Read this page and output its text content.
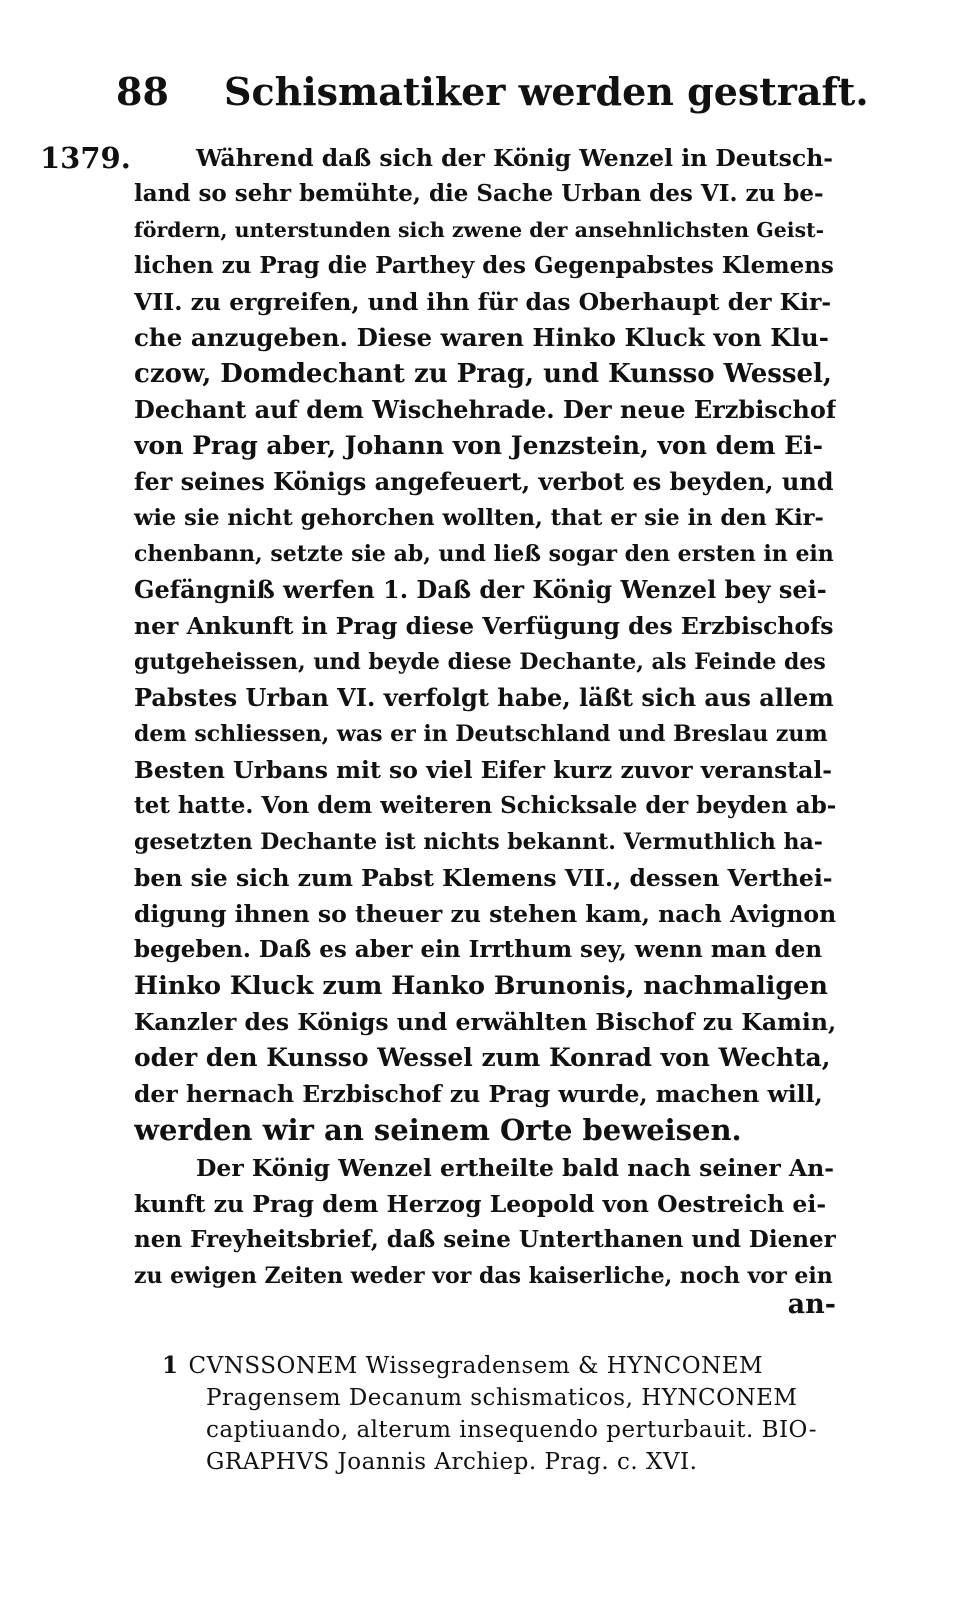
88 Schismatiker werden gestraft.
1379.	Während daß sich der König Wenzel in Deutsch-
land so sehr bemühte, die Sache Urban des VI. zu be-
fördern, unterstunden sich zwene der ansehnlichsten Geist-
lichen zu Prag die Parthey des Gegenpabstes Klemens
VII. zu ergreifen, und ihn für das Oberhaupt der Kir-
che anzugeben. Diese waren Hinko Kluck von Klu-
czow, Domdechant zu Prag, und Kunsso Wessel,
Dechant auf dem Wischehrade. Der neue Erzbischof
von Prag aber, Johann von Jenzstein, von dem Ei-
fer seines Königs angefeuert, verbot es beyden, und
wie sie nicht gehorchen wollten, that er sie in den Kir-
chenbann, setzte sie ab, und ließ sogar den ersten in ein
Gefängniß werfen 1. Daß der König Wenzel bey sei-
ner Ankunft in Prag diese Verfügung des Erzbischofs
gutgeheissen, und beyde diese Dechante, als Feinde des
Pabstes Urban VI. verfolgt habe, läßt sich aus allem
dem schliessen, was er in Deutschland und Breslau zum
Besten Urbans mit so viel Eifer kurz zuvor veranstal-
tet hatte. Von dem weiteren Schicksale der beyden ab-
gesetzten Dechante ist nichts bekannt. Vermuthlich ha-
ben sie sich zum Pabst Klemens VII., dessen Verthei-
digung ihnen so theuer zu stehen kam, nach Avignon
begeben. Daß es aber ein Irrthum sey, wenn man den
Hinko Kluck zum Hanko Brunonis, nachmaligen
Kanzler des Königs und erwählten Bischof zu Kamin,
oder den Kunsso Wessel zum Konrad von Wechta,
der hernach Erzbischof zu Prag wurde, machen will,
werden wir an seinem Orte beweisen.
Der König Wenzel ertheilte bald nach seiner An-
kunft zu Prag dem Herzog Leopold von Oestreich ei-
nen Freyheitsbrief, daß seine Unterthanen und Diener
zu ewigen Zeiten weder vor das kaiserliche, noch vor ein
an-
1 CVNSSONEM Wissegradensem & HYNCONEM
Pragensem Decanum schismaticos, HYNCONEM
captiuando, alterum insequendo perturbauit. BIO-
GRAPHVS Joannis Archiep. Prag. c. XVI.
